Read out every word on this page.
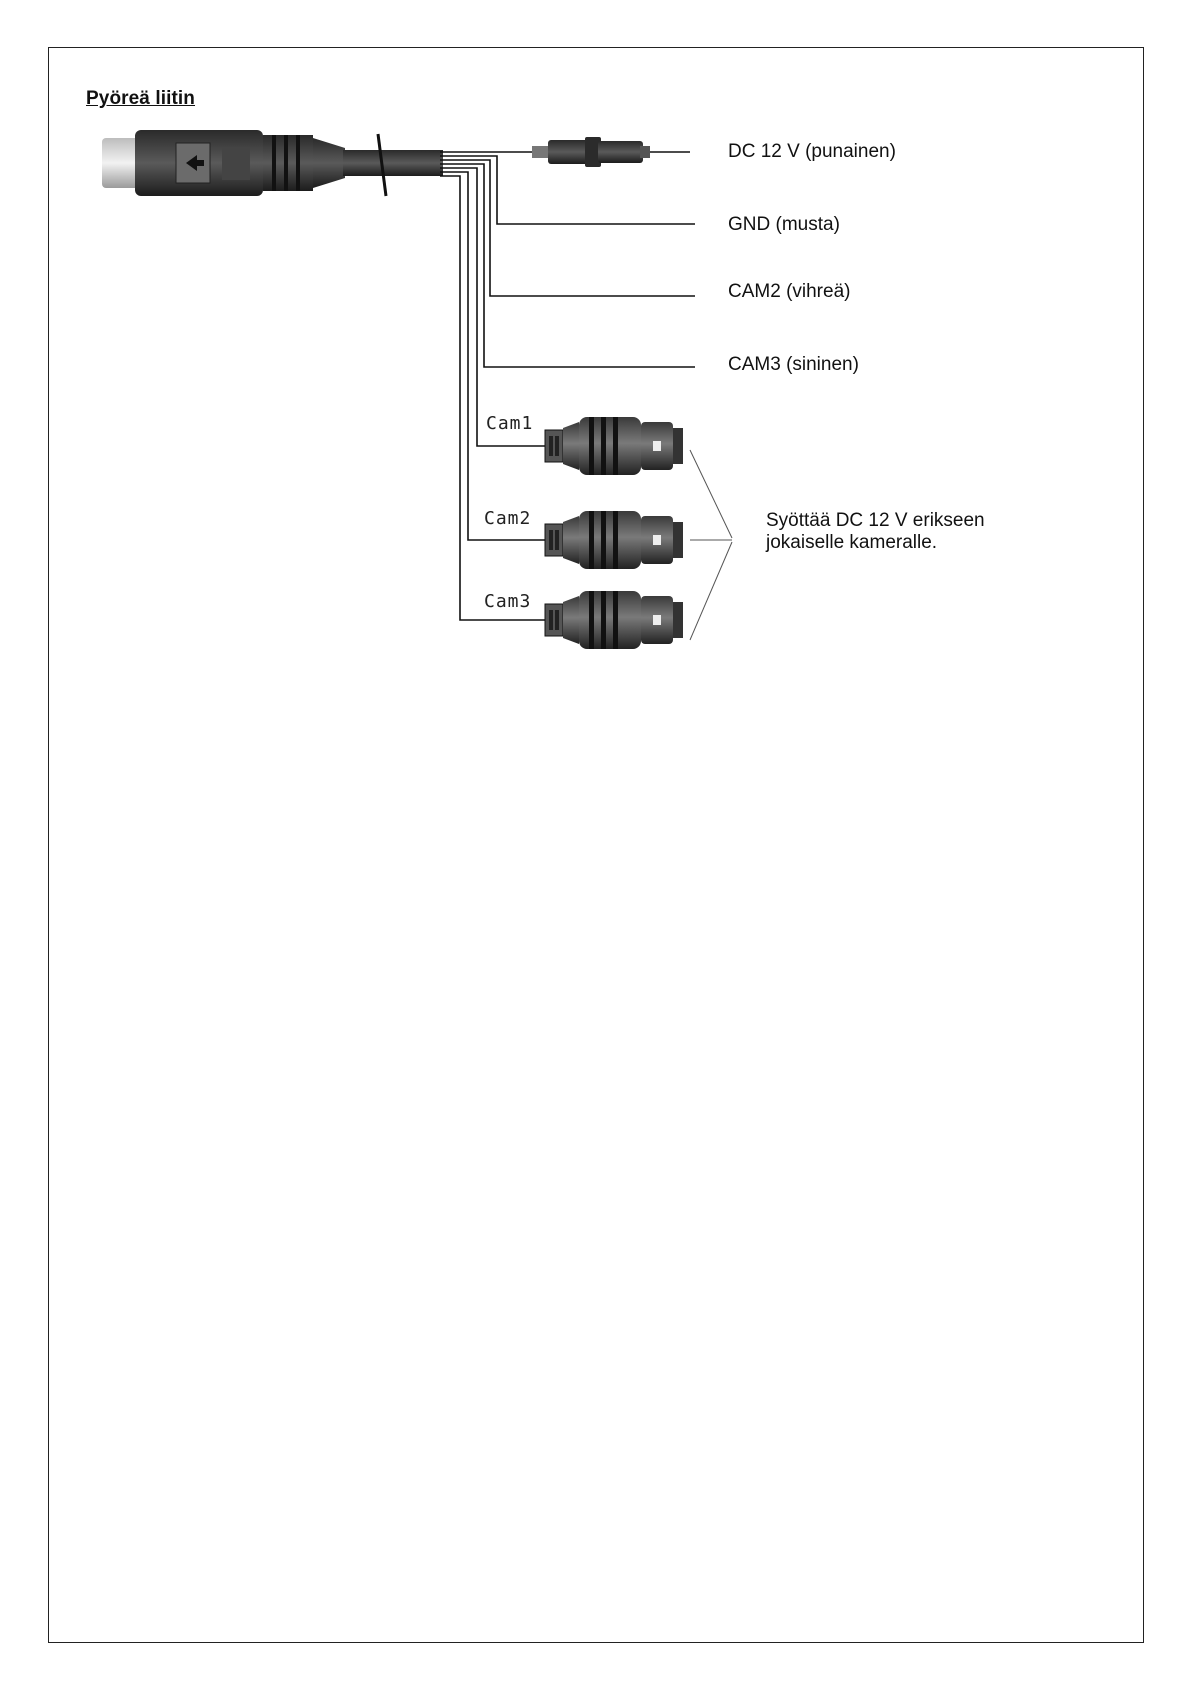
Pyöreä liitin
Cam1
Cam2
Cam3
DC 12 V (punainen)
GND (musta)
CAM2 (vihreä)
CAM3 (sininen)
Syöttää DC 12 V erikseen
jokaiselle kameralle.
